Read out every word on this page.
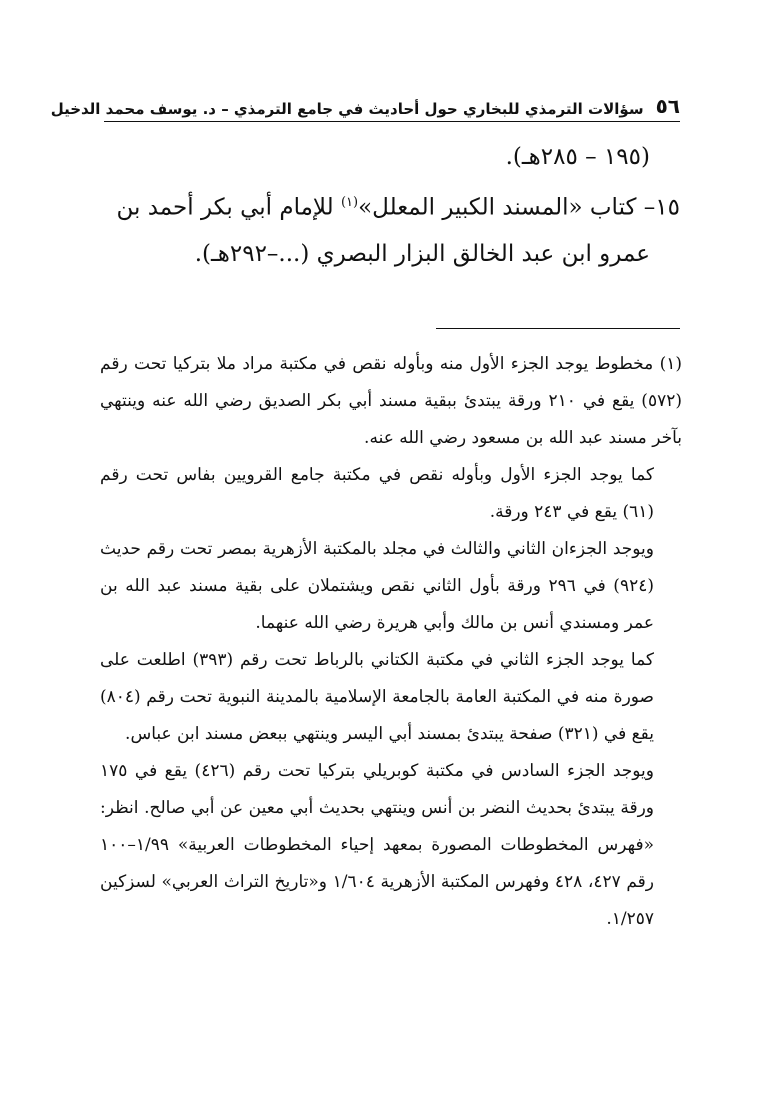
٥٦
سؤالات الترمذي للبخاري حول أحاديث في جامع الترمذي – د. يوسف محمد الدخيل

(١٩٥ – ٢٨٥هـ).

١٥– كتاب «المسند الكبير المعلل»$^{(١)}$ للإمام أبي بكر أحمد بن

عمرو ابن عبد الخالق البزار البصري (...–٢٩٢هـ).

(١) مخطوط يوجد الجزء الأول منه وبأوله نقص في مكتبة مراد ملا بتركيا تحت رقم (٥٧٢) يقع في ٢١٠ ورقة يبتدئ ببقية مسند أبي بكر الصديق رضي الله عنه وينتهي بآخر مسند عبد الله بن مسعود رضي الله عنه.

كما يوجد الجزء الأول وبأوله نقص في مكتبة جامع القرويين بفاس تحت رقم (٦١) يقع في ٢٤٣ ورقة.

ويوجد الجزءان الثاني والثالث في مجلد بالمكتبة الأزهرية بمصر تحت رقم حديث (٩٢٤) في ٢٩٦ ورقة بأول الثاني نقص ويشتملان على بقية مسند عبد الله بن عمر ومسندي أنس بن مالك وأبي هريرة رضي الله عنهما.

كما يوجد الجزء الثاني في مكتبة الكتاني بالرباط تحت رقم (٣٩٣) اطلعت على صورة منه في المكتبة العامة بالجامعة الإسلامية بالمدينة النبوية تحت رقم (٨٠٤) يقع في (٣٢١) صفحة يبتدئ بمسند أبي اليسر وينتهي ببعض مسند ابن عباس.

ويوجد الجزء السادس في مكتبة كوبريلي بتركيا تحت رقم (٤٢٦) يقع في ١٧٥ ورقة يبتدئ بحديث النضر بن أنس وينتهي بحديث أبي معين عن أبي صالح. انظر: «فهرس المخطوطات المصورة بمعهد إحياء المخطوطات العربية» ١/٩٩–١٠٠ رقم ٤٢٧، ٤٢٨ وفهرس المكتبة الأزهرية ١/٦٠٤ و«تاريخ التراث العربي» لسزكين ١/٢٥٧.
